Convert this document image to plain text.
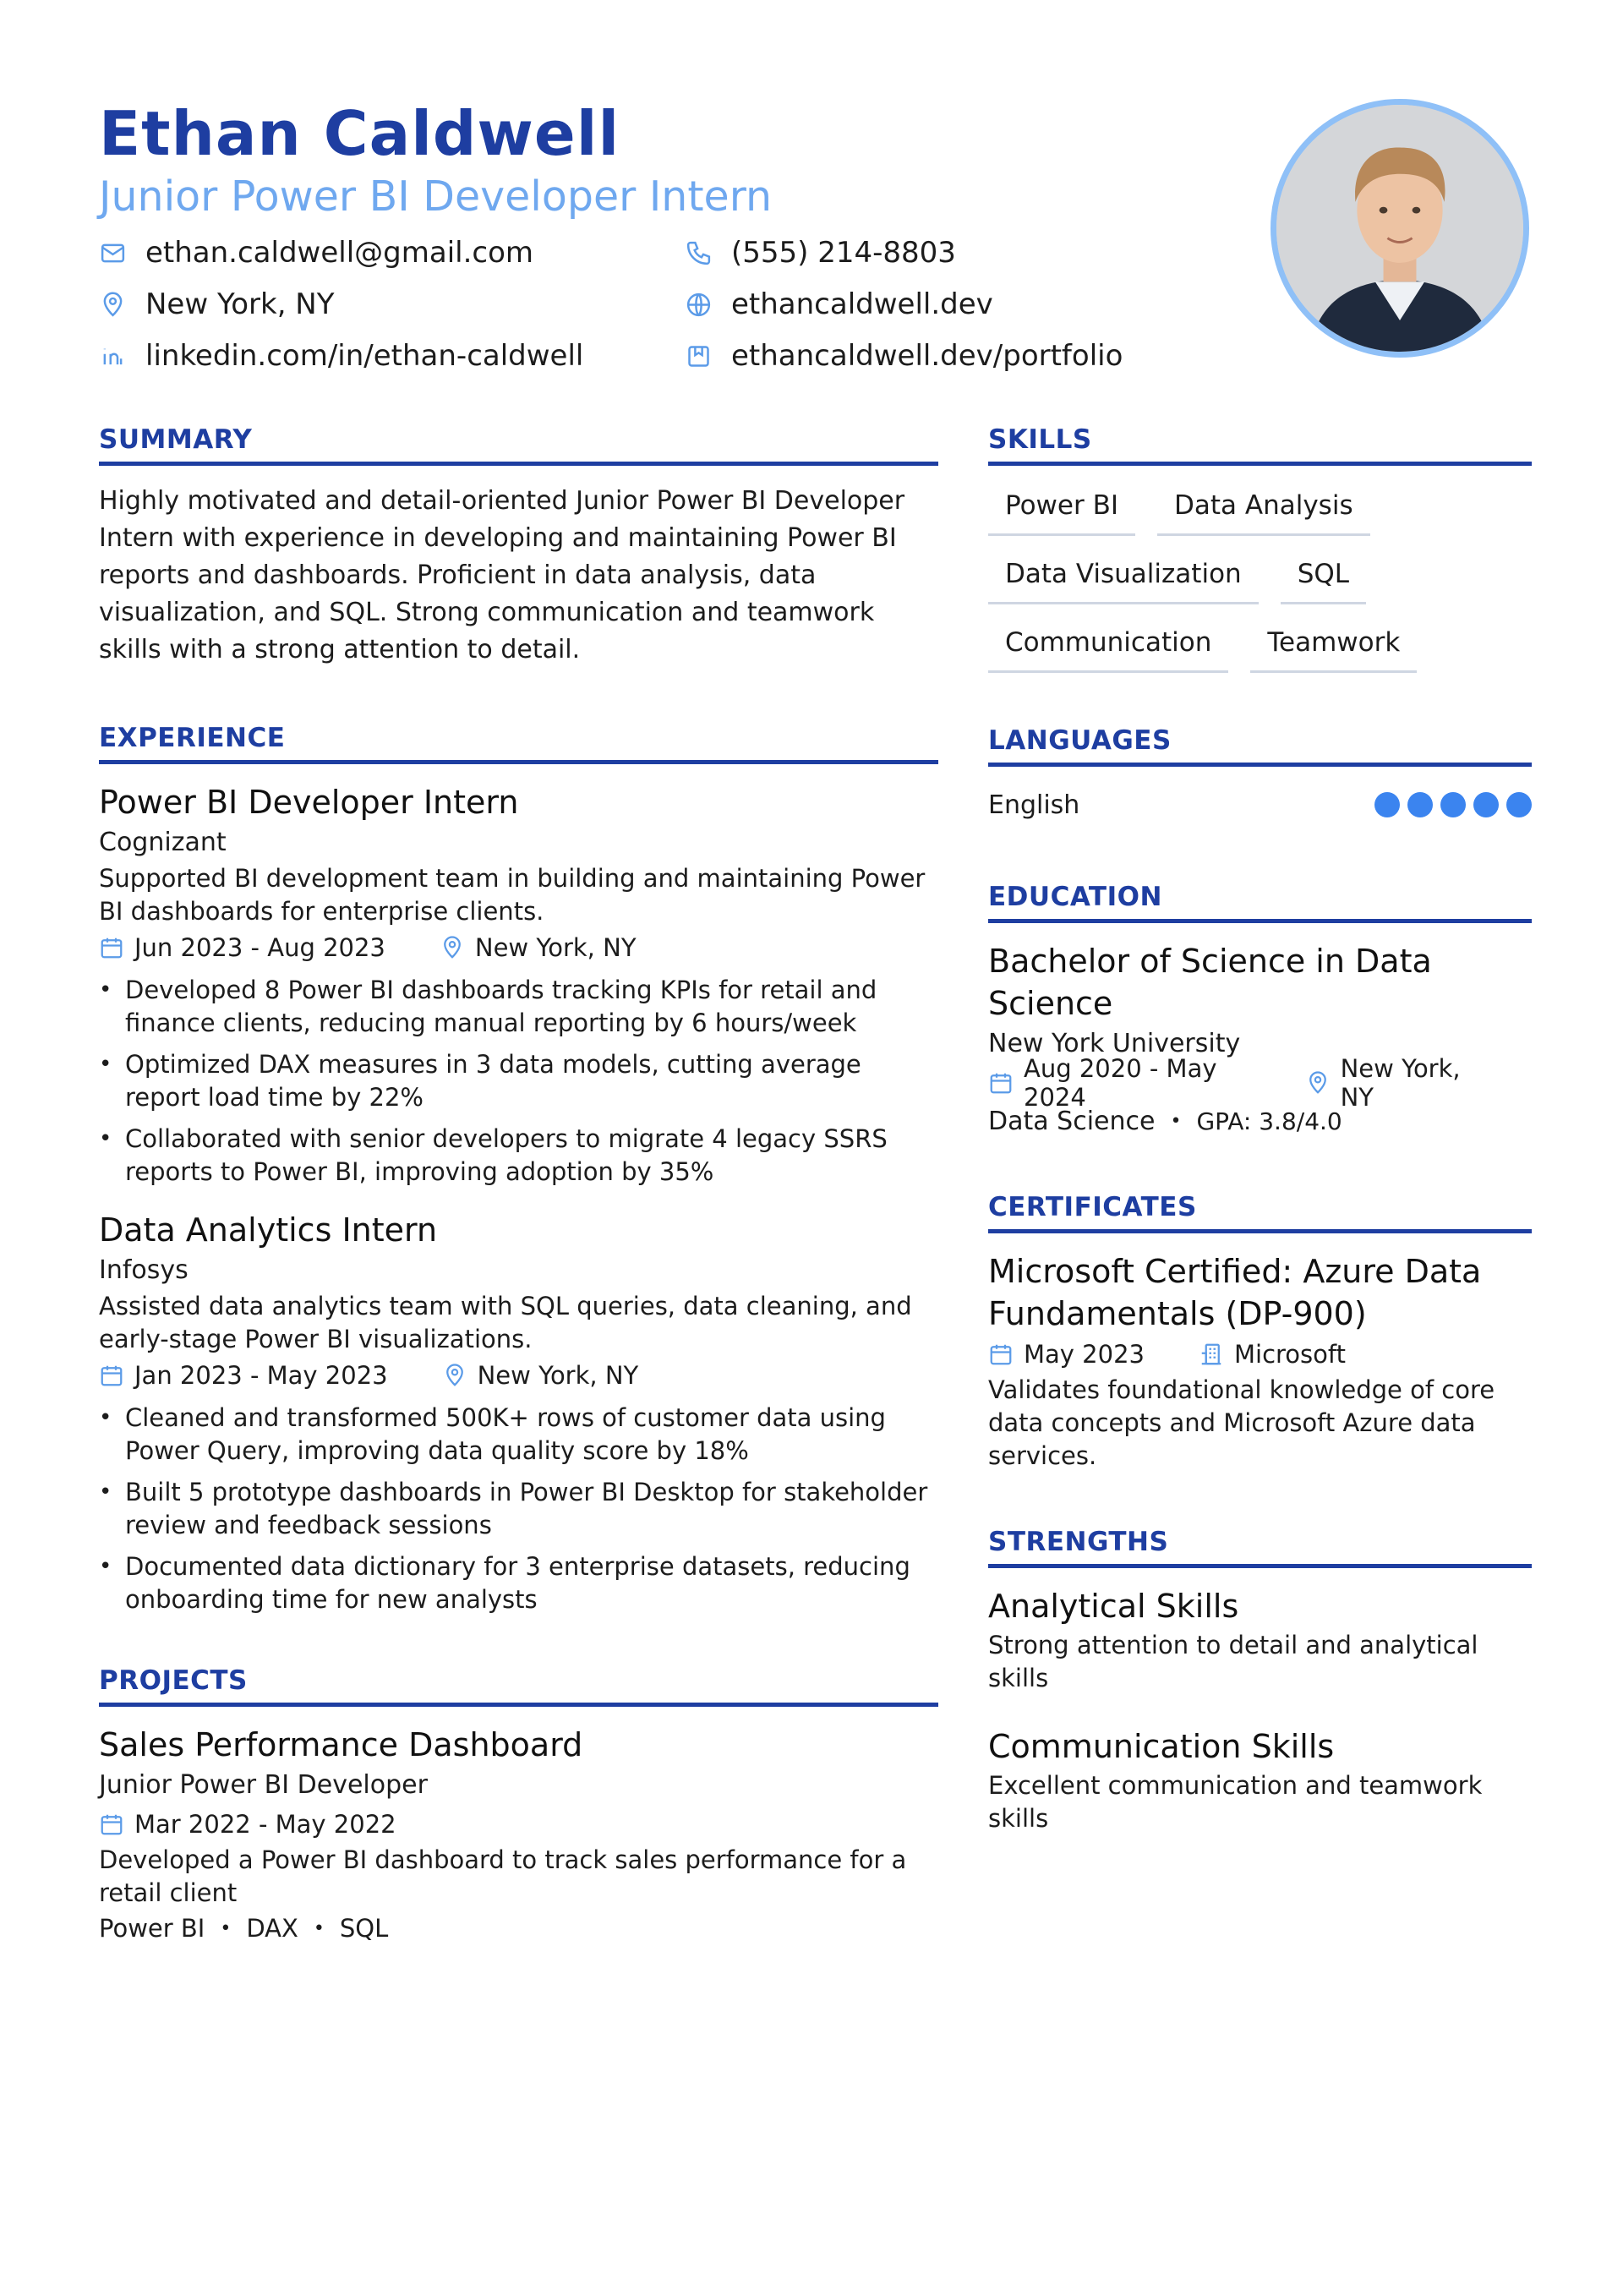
Ethan Caldwell
Junior Power BI Developer Intern
ethan.caldwell@gmail.com	(555) 214-8803
New York, NY	ethancaldwell.dev
linkedin.com/in/ethan-caldwell	ethancaldwell.dev/portfolio
SUMMARY

Highly motivated and detail-oriented Junior Power BI Developer Intern with experience in developing and maintaining Power BI reports and dashboards. Proficient in data analysis, data visualization, and SQL. Strong communication and teamwork skills with a strong attention to detail.

EXPERIENCE
Power BI Developer Intern

Cognizant

Supported BI development team in building and maintaining Power BI dashboards for enterprise clients.

Jun 2023 - Aug 2023	New York, NY
• Developed 8 Power BI dashboards tracking KPIs for retail and finance clients, reducing manual reporting by 6 hours/week
• Optimized DAX measures in 3 data models, cutting average report load time by 22%
• Collaborated with senior developers to migrate 4 legacy SSRS reports to Power BI, improving adoption by 35%
Data Analytics Intern

Infosys

Assisted data analytics team with SQL queries, data cleaning, and early-stage Power BI visualizations.

Jan 2023 - May 2023	New York, NY
• Cleaned and transformed 500K+ rows of customer data using Power Query, improving data quality score by 18%
• Built 5 prototype dashboards in Power BI Desktop for stakeholder review and feedback sessions
• Documented data dictionary for 3 enterprise datasets, reducing onboarding time for new analysts
PROJECTS
Sales Performance Dashboard

Junior Power BI Developer

Mar 2022 - May 2022

Developed a Power BI dashboard to track sales performance for a retail client

Power BI • DAX • SQL
SKILLS
Power BI	Data Analysis
Data Visualization	SQL
Communication	Teamwork
LANGUAGES
English
EDUCATION
Bachelor of Science in Data Science

New York University

Aug 2020 - May 2024
New York, NY
Data Science • GPA: 3.8/4.0
CERTIFICATES
Microsoft Certified: Azure Data Fundamentals (DP-900)
May 2023	Microsoft

Validates foundational knowledge of core data concepts and Microsoft Azure data services.

STRENGTHS
Analytical Skills

Strong attention to detail and analytical skills

Communication Skills

Excellent communication and teamwork skills
